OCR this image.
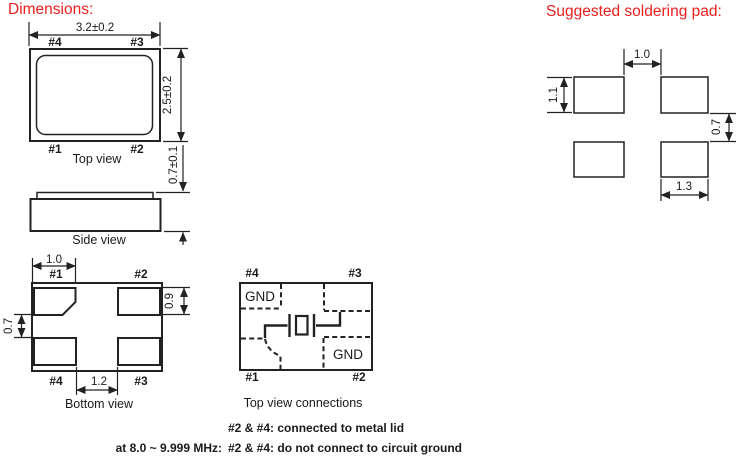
Dimensions:	Suggested soldering pad:
3.2±0.2
#4	#3
#1	#2
Top view
2.5±0.2
0.7±0.1
Side view
1.0
#1	#2
0.9
0.7
#4	#3
1.2
Bottom view
#4	#3
GND
GND
#1	#2
Top view connections
1.0
1.1
0.7
1.3
#2 & #4: connected to metal lid
at 8.0 ~ 9.999 MHz: #2 & #4: do not connect to circuit ground
